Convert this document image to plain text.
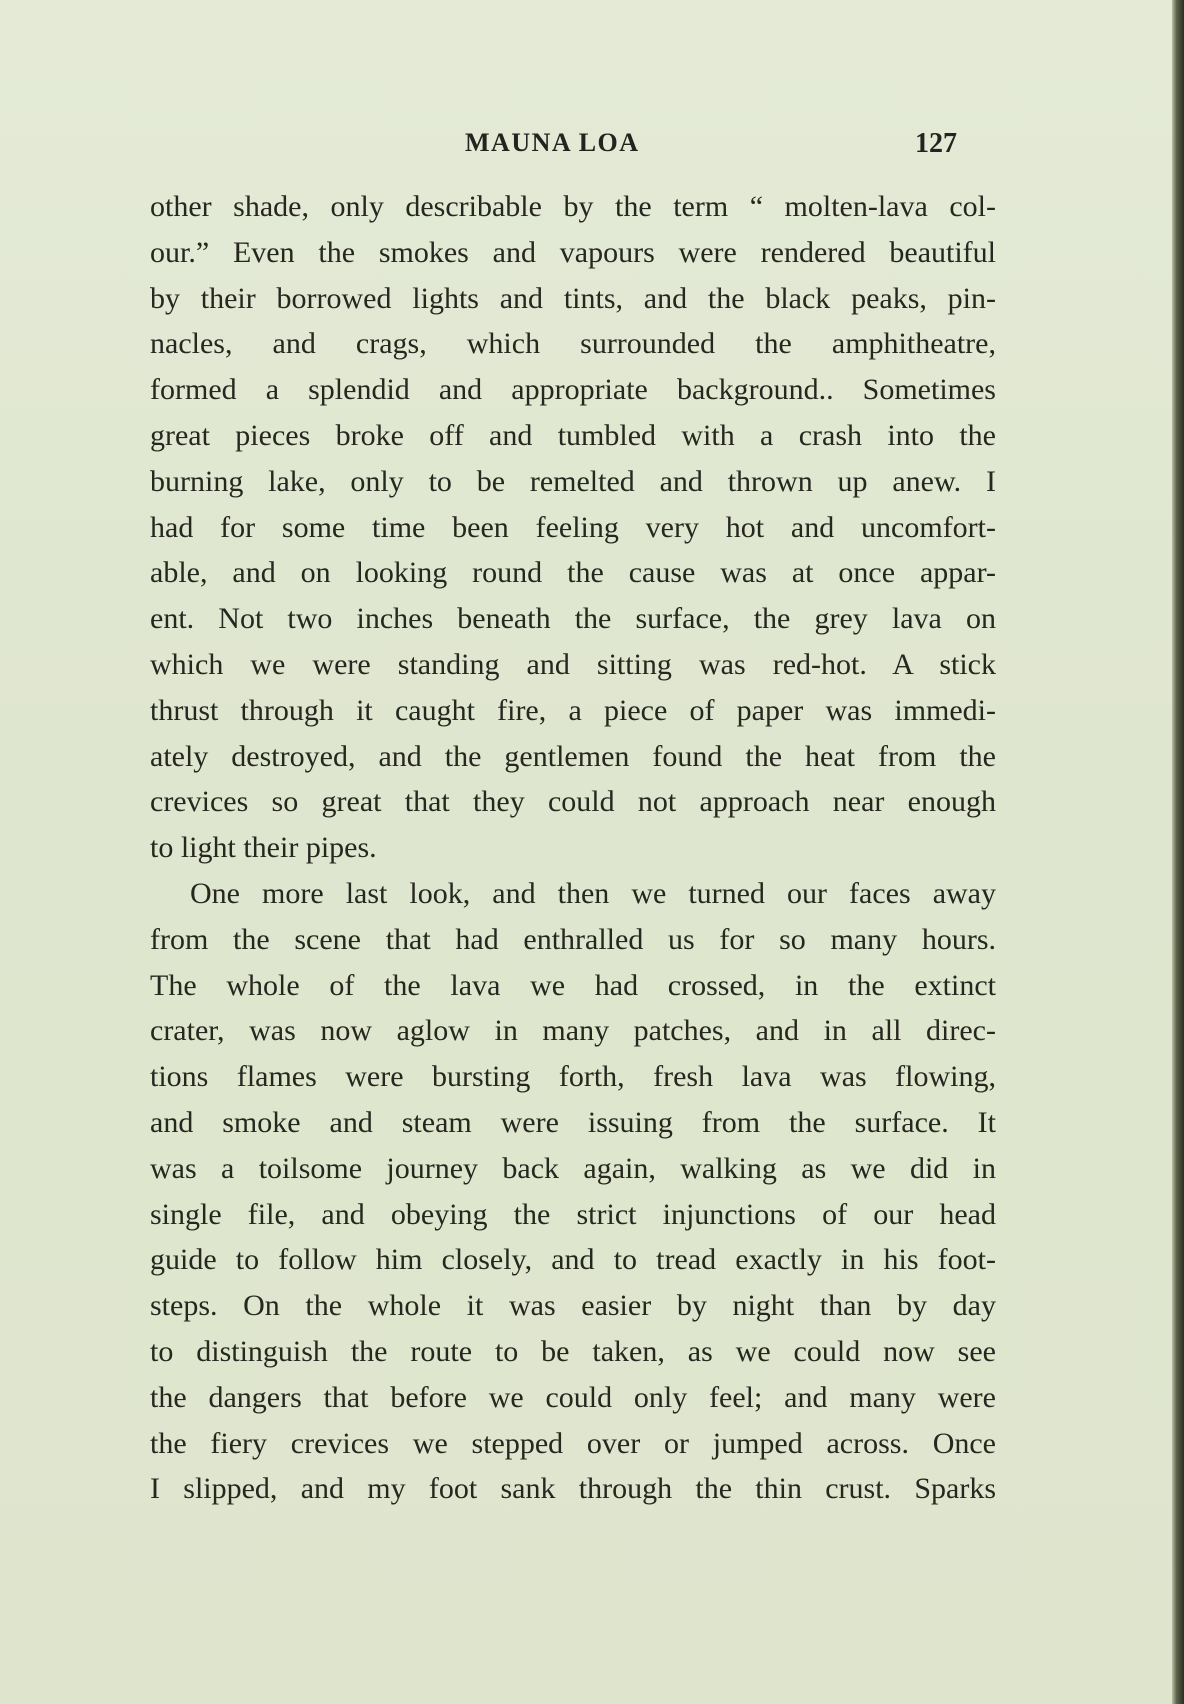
MAUNA LOA	127
other shade, only describable by the term “ molten-lava col-
our.” Even the smokes and vapours were rendered beautiful
by their borrowed lights and tints, and the black peaks, pin-
nacles, and crags, which surrounded the amphitheatre,
formed a splendid and appropriate background.. Sometimes
great pieces broke off and tumbled with a crash into the
burning lake, only to be remelted and thrown up anew. I
had for some time been feeling very hot and uncomfort-
able, and on looking round the cause was at once appar-
ent. Not two inches beneath the surface, the grey lava on
which we were standing and sitting was red-hot. A stick
thrust through it caught fire, a piece of paper was immedi-
ately destroyed, and the gentlemen found the heat from the
crevices so great that they could not approach near enough
to light their pipes.
One more last look, and then we turned our faces away
from the scene that had enthralled us for so many hours.
The whole of the lava we had crossed, in the extinct
crater, was now aglow in many patches, and in all direc-
tions flames were bursting forth, fresh lava was flowing,
and smoke and steam were issuing from the surface. It
was a toilsome journey back again, walking as we did in
single file, and obeying the strict injunctions of our head
guide to follow him closely, and to tread exactly in his foot-
steps. On the whole it was easier by night than by day
to distinguish the route to be taken, as we could now see
the dangers that before we could only feel; and many were
the fiery crevices we stepped over or jumped across. Once
I slipped, and my foot sank through the thin crust. Sparks
